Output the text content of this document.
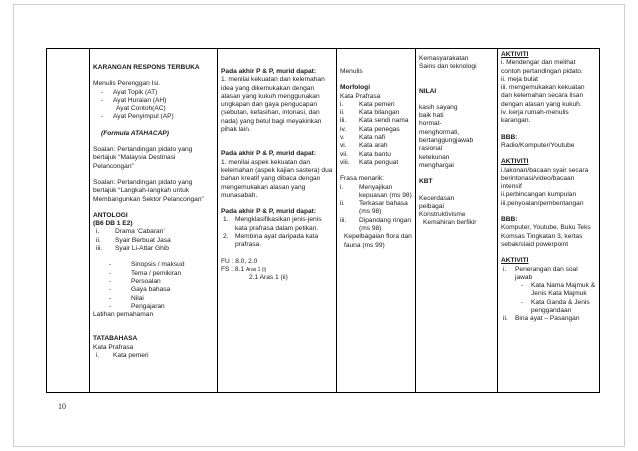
KARANGAN RESPONS TERBUKA
Menulis Perenggan Isi.
-	Ayat Topik (AT)
-	Ayat Huraian (AH)
Ayat Contoh(AC)
-	Ayat Penyimpul (AP)
(Formula ATAHACAP)
Soalan: Pertandingan pidato yang bertajuk “Malaysia Destinasi Pelancongan”
Soalan: Pertandingan pidato yang bertajuk “Langkah-langkah untuk Membangunkan Sektor Pelancongan”
ANTOLOGI
(B6 DB 1 E2)
i.	Drama ‘Cabaran’
ii.	Syair Berbuat Jasa
iii.	Syair Li-Attar Ghib
-	Sinopsis / maksud
-	Tema / pemikiran
-	Persoalan
-	Gaya bahasa
-	Nilai
-	Pengajaran
Latihan pemahaman
TATABAHASA
Kata Prafrasa
i.	Kata pemeri

Pada akhir P & P, murid dapat:
1. menilai kekuatan dan kelemahan idea yang dikemukakan dengan alasan yang kukuh menggunakan ungkapan dan gaya pengucapan (sebutan, kefasihan, intonasi, dan nada) yang betul bagi meyakinkan pihak lain.
Pada akhir P & P, murid dapat:
1. menilai aspek kekuatan dan kelemahan (aspek kajian sastera) dua bahan kreatif yang dibaca dengan mengemukakan alasan yang munasabah.
Pada akhir P & P, murid dapat:
1. Mengklasifikasikan jenis-jenis kata prafrasa dalam petikan.
2. Membina ayat daripada kata prafrasa.
FU : 8.0, 2.0
FS : 8.1 Aras 1 (i)
2.1 Aras 1 (ii)

Menulis
Morfologi
Kata Prafrasa
i.	Kata pemeri
ii.	Kata bilangan
iii.	Kata sendi nama
iv.	Kata penegas
v.	Kata nafi
vi.	Kata arah
vii.	Kata bantu
viii.	Kata penguat
Frasa menarik:
i.	Menyajikan kepuasan (ms 98)
ii.	Terkasar bahasa (ms 98)
iii.	Dipandang ringan (ms 98)
Kepelbagaian flora dan fauna (ms 99)

Kemasyarakatan
Sains dan teknologi
NILAI
kasih sayang
baik hati
hormat-
menghormati,
bertanggungjawab
rasional
ketekunan
menghargai
KBT
Kecerdasan
pelbagai
Konstruktivisme
Kemahiran berfikir

AKTIVITI
i. Mendengar dan melihat contoh pertandingan pidato.
ii. meja bulat
iii. mengemukakan kekuatan dan kelemahan secara lisan dengan alasan yang kukuh.
iv. kerja rumah-menulis karangan.
BBB:
Radio/Komputer/Youtube
AKTIVITI
i.lakonan/bacaan syair secara berintonasi/video/bacaan intensif
ii.perbincangan kumpulan
iii.penyoalan/pembentangan
BBB:
Komputer, Youtube, Buku Teks Komsas Tingkatan 3, kertas sebak/slaid powerpoint
AKTIVITI
i.	Penerangan dan soal jawab
-	Kata Nama Majmuk & Jenis Kata Majmuk
-	Kata Ganda & Jenis penggandaan
ii.	Bina ayat – Pasangan
10
